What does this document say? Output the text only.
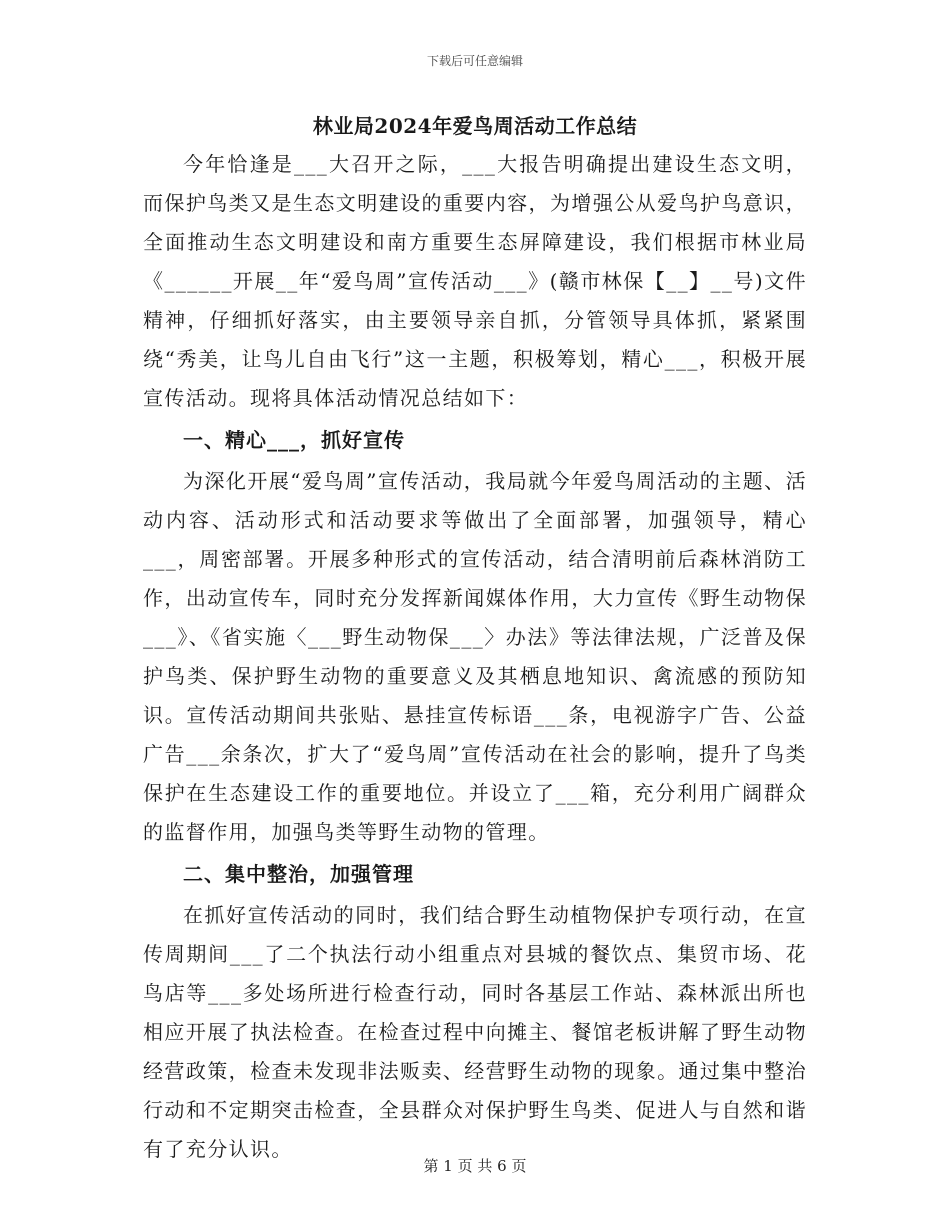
下载后可任意编辑
林业局2024年爱鸟周活动工作总结

今年恰逢是___大召开之际，___大报告明确提出建设生态文明，而保护鸟类又是生态文明建设的重要内容，为增强公从爱鸟护鸟意识，全面推动生态文明建设和南方重要生态屏障建设，我们根据市林业局《______开展__年“爱鸟周”宣传活动___》(赣市林保【__】__号)文件精神，仔细抓好落实，由主要领导亲自抓，分管领导具体抓，紧紧围绕“秀美，让鸟儿自由飞行”这一主题，积极筹划，精心___，积极开展宣传活动。现将具体活动情况总结如下：

一、精心___，抓好宣传

为深化开展“爱鸟周”宣传活动，我局就今年爱鸟周活动的主题、活动内容、活动形式和活动要求等做出了全面部署，加强领导，精心___，周密部署。开展多种形式的宣传活动，结合清明前后森林消防工作，出动宣传车，同时充分发挥新闻媒体作用，大力宣传《野生动物保___》、《省实施〈___野生动物保___〉办法》等法律法规，广泛普及保护鸟类、保护野生动物的重要意义及其栖息地知识、禽流感的预防知识。宣传活动期间共张贴、悬挂宣传标语___条，电视游字广告、公益广告___余条次，扩大了“爱鸟周”宣传活动在社会的影响，提升了鸟类保护在生态建设工作的重要地位。并设立了___箱，充分利用广阔群众的监督作用，加强鸟类等野生动物的管理。

二、集中整治，加强管理

在抓好宣传活动的同时，我们结合野生动植物保护专项行动，在宣传周期间___了二个执法行动小组重点对县城的餐饮点、集贸市场、花鸟店等___多处场所进行检查行动，同时各基层工作站、森林派出所也相应开展了执法检查。在检查过程中向摊主、餐馆老板讲解了野生动物经营政策，检查未发现非法贩卖、经营野生动物的现象。通过集中整治行动和不定期突击检查，全县群众对保护野生鸟类、促进人与自然和谐有了充分认识。

第 1 页 共 6 页
